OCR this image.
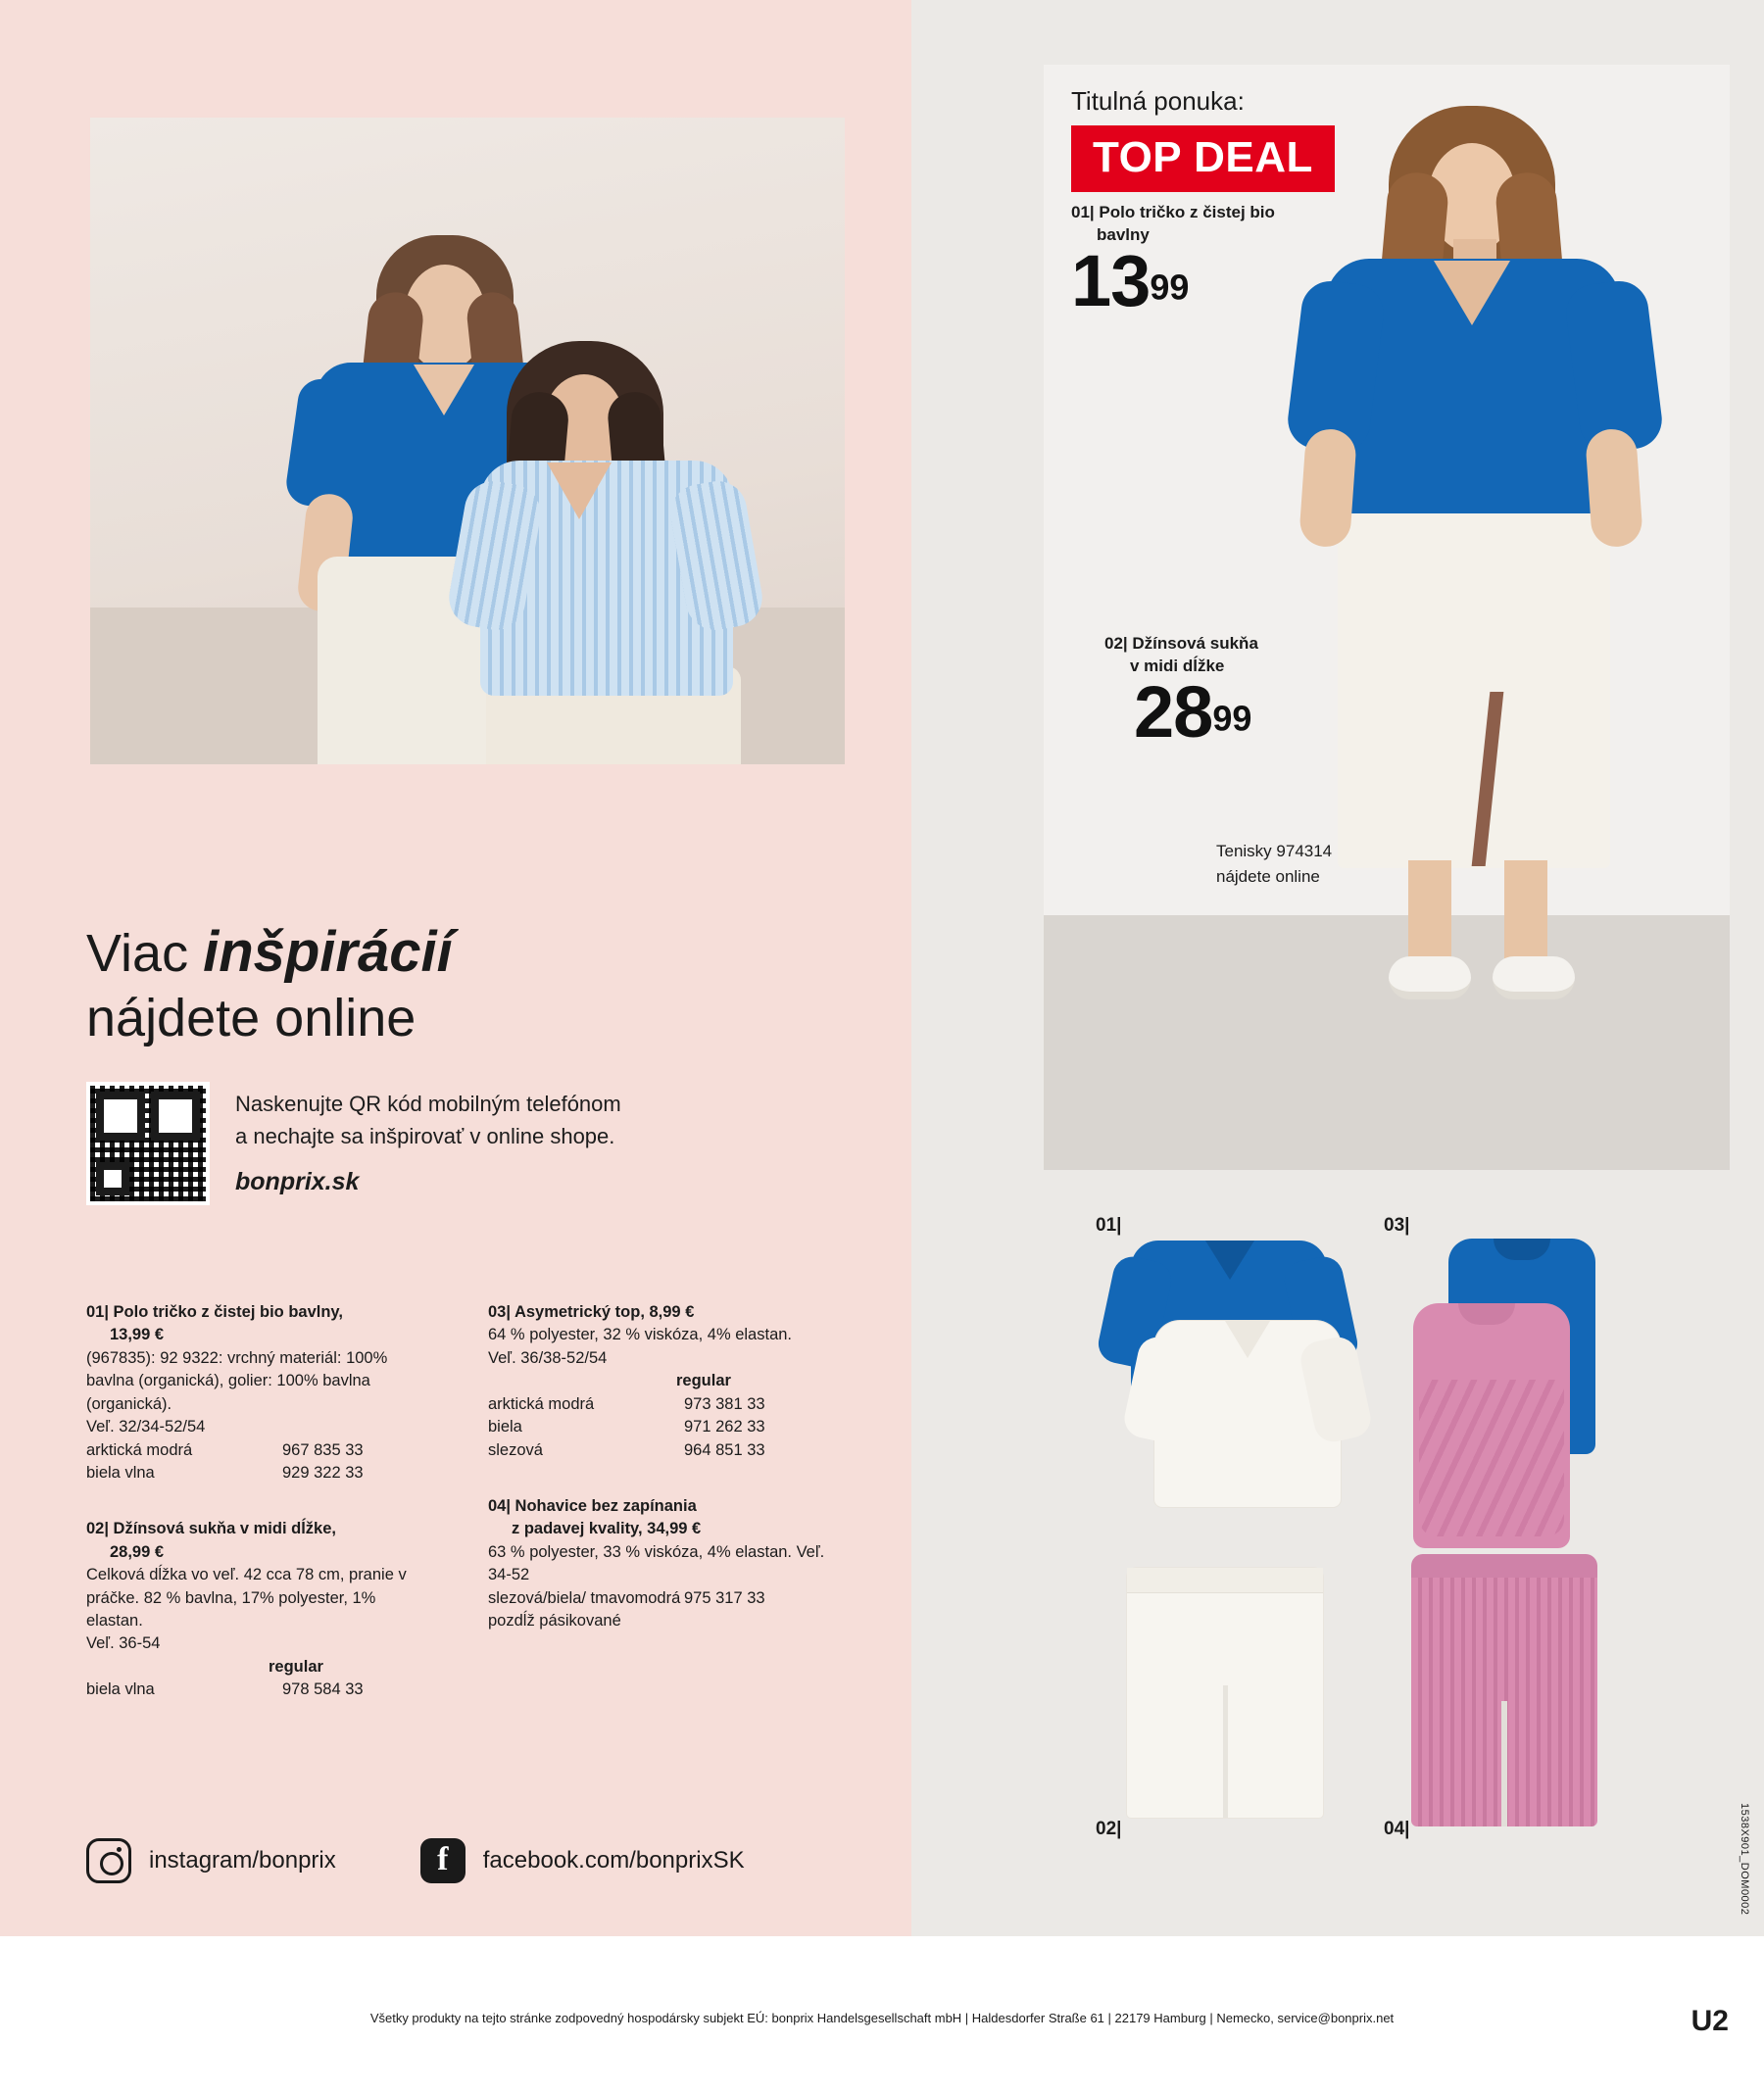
Viac inšpirácií
nájdete online
Naskenujte QR kód mobilným telefónom
a nechajte sa inšpirovať v online shope.
bonprix.sk
01| Polo tričko z čistej bio bavlny,
13,99 €
(967835): 92 9322: vrchný materiál: 100% bavlna (organická), golier: 100% bavlna (organická).
Veľ. 32/34-52/54
arktická modrá	967 835 33
biela vlna	929 322 33
02| Džínsová sukňa v midi dĺžke,
28,99 €
Celková dĺžka vo veľ. 42 cca 78 cm, pranie v práčke. 82 % bavlna, 17% polyester, 1% elastan.
Veľ. 36-54
regular
biela vlna	978 584 33
03| Asymetrický top, 8,99 €
64 % polyester, 32 % viskóza, 4% elastan.
Veľ. 36/38-52/54
regular
arktická modrá	973 381 33
biela	971 262 33
slezová	964 851 33
04| Nohavice bez zapínania
z padavej kvality, 34,99 €
63 % polyester, 33 % viskóza, 4% elastan. Veľ. 34-52
slezová/biela/ tmavomodrá pozdĺž pásikované
975 317 33
instagram/bonprix	f	facebook.com/bonprixSK
Titulná ponuka:
TOP DEAL
01| Polo tričko z čistej bio
bavlny
1399
02| Džínsová sukňa
v midi dĺžke
2899
Tenisky 974314
nájdete online
01|	03|
02|	04|	1538X901_DOM0002
Všetky produkty na tejto stránke zodpovedný hospodársky subjekt EÚ: bonprix Handelsgesellschaft mbH | Haldesdorfer Straße 61 | 22179 Hamburg | Nemecko, service@bonprix.net	U2
